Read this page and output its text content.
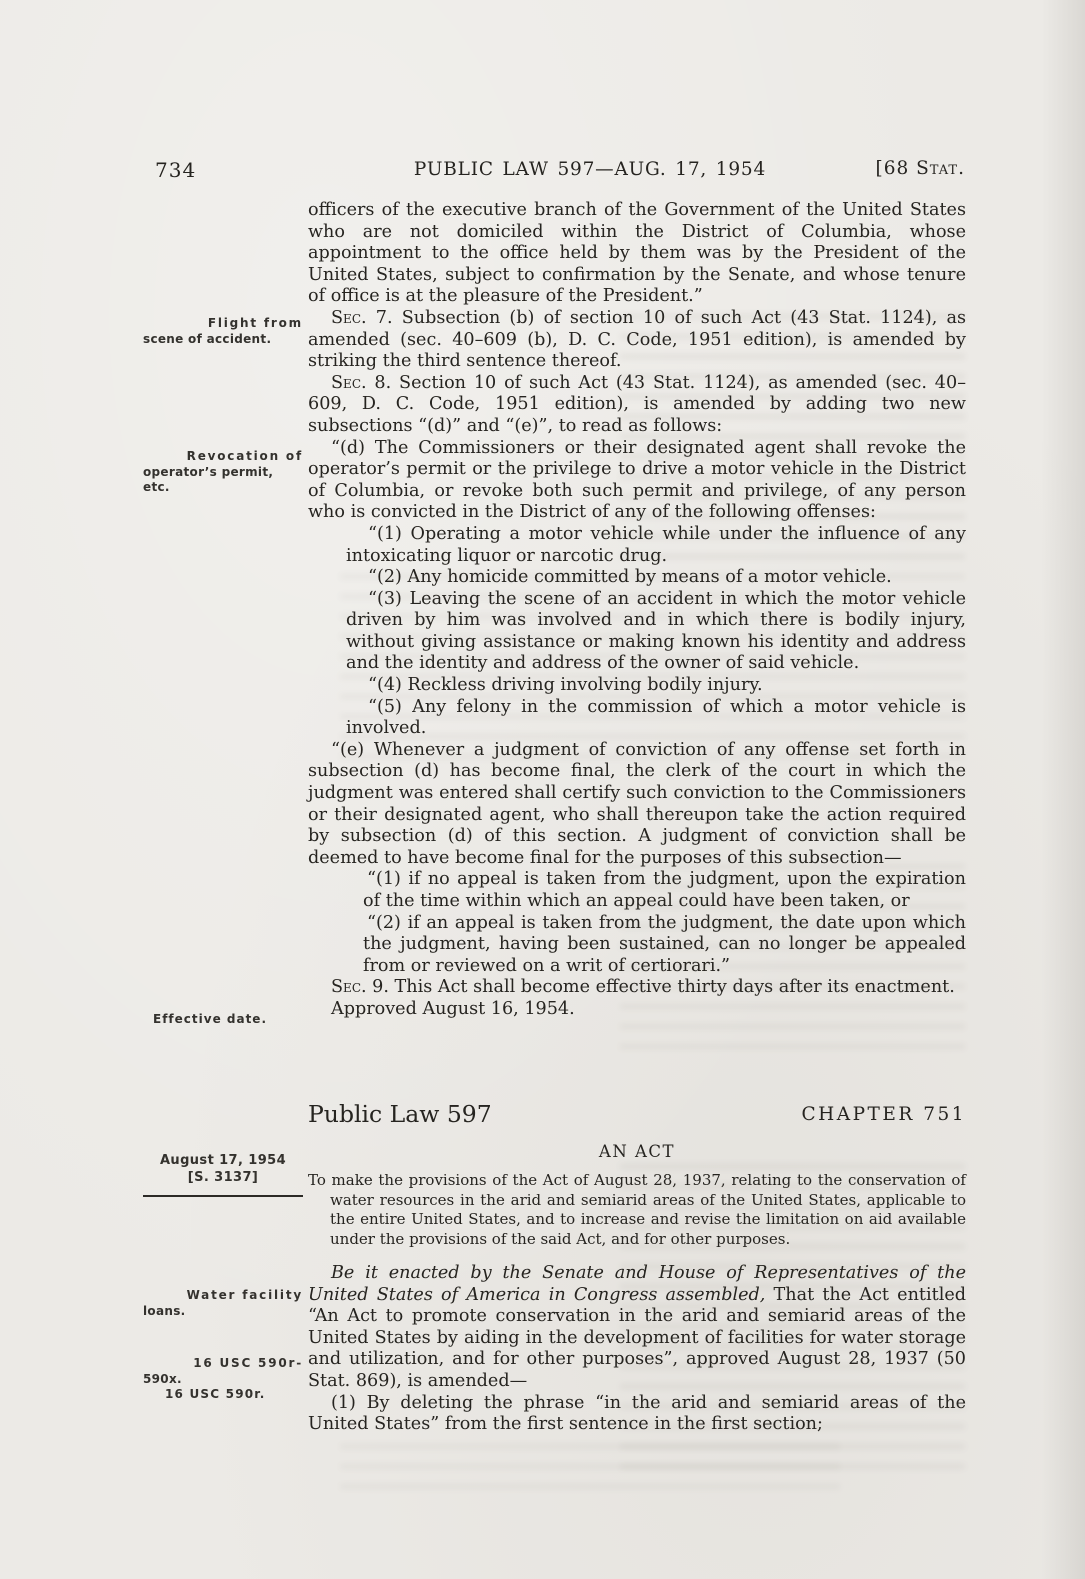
734	PUBLIC LAW 597—AUG. 17, 1954	[68 Stat.
Flight from
scene of accident.
Revocation of
operator’s permit,
etc.
Effective date.
August 17, 1954
[S. 3137]
Water facility
loans.
16 USC 590r-
590x.
16 USC 590r.

officers of the executive branch of the Government of the United States who are not domiciled within the District of Columbia, whose appointment to the office held by them was by the President of the United States, subject to confirmation by the Senate, and whose tenure of office is at the pleasure of the President.”

Sec. 7. Subsection (b) of section 10 of such Act (43 Stat. 1124), as amended (sec. 40–609 (b), D. C. Code, 1951 edition), is amended by striking the third sentence thereof.

Sec. 8. Section 10 of such Act (43 Stat. 1124), as amended (sec. 40–609, D. C. Code, 1951 edition), is amended by adding two new subsections “(d)” and “(e)”, to read as follows:

“(d) The Commissioners or their designated agent shall revoke the operator’s permit or the privilege to drive a motor vehicle in the District of Columbia, or revoke both such permit and privilege, of any person who is convicted in the District of any of the following offenses:

“(1) Operating a motor vehicle while under the influence of any intoxicating liquor or narcotic drug.

“(2) Any homicide committed by means of a motor vehicle.

“(3) Leaving the scene of an accident in which the motor vehicle driven by him was involved and in which there is bodily injury, without giving assistance or making known his identity and address and the identity and address of the owner of said vehicle.

“(4) Reckless driving involving bodily injury.

“(5) Any felony in the commission of which a motor vehicle is involved.

“(e) Whenever a judgment of conviction of any offense set forth in subsection (d) has become final, the clerk of the court in which the judgment was entered shall certify such conviction to the Commissioners or their designated agent, who shall thereupon take the action required by subsection (d) of this section. A judgment of conviction shall be deemed to have become final for the purposes of this subsection—

“(1) if no appeal is taken from the judgment, upon the expiration of the time within which an appeal could have been taken, or

“(2) if an appeal is taken from the judgment, the date upon which the judgment, having been sustained, can no longer be appealed from or reviewed on a writ of certiorari.”

Sec. 9. This Act shall become effective thirty days after its enactment.

Approved August 16, 1954.

Public Law 597	CHAPTER 751
AN ACT

To make the provisions of the Act of August 28, 1937, relating to the conservation of water resources in the arid and semiarid areas of the United States, applicable to the entire United States, and to increase and revise the limitation on aid available under the provisions of the said Act, and for other purposes.

Be it enacted by the Senate and House of Representatives of the United States of America in Congress assembled, That the Act entitled “An Act to promote conservation in the arid and semiarid areas of the United States by aiding in the development of facilities for water storage and utilization, and for other purposes”, approved August 28, 1937 (50 Stat. 869), is amended—

(1) By deleting the phrase “in the arid and semiarid areas of the United States” from the first sentence in the first section;
